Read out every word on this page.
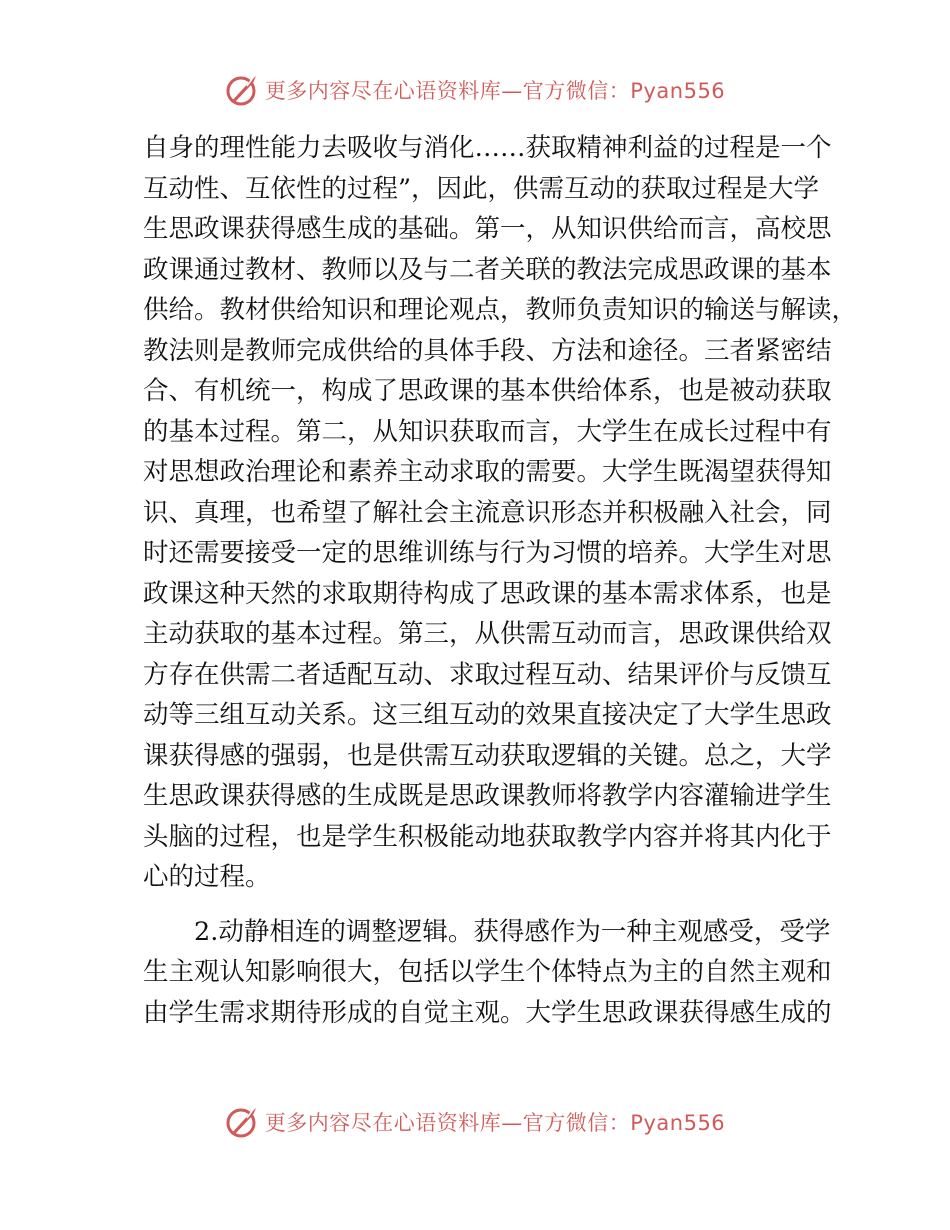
更多内容尽在心语资料库—官方微信：Pyan556
自身的理性能力去吸收与消化……获取精神利益的过程是一个
互动性、互依性的过程”，因此，供需互动的获取过程是大学
生思政课获得感生成的基础。第一，从知识供给而言，高校思
政课通过教材、教师以及与二者关联的教法完成思政课的基本
供给。教材供给知识和理论观点，教师负责知识的输送与解读，
教法则是教师完成供给的具体手段、方法和途径。三者紧密结
合、有机统一，构成了思政课的基本供给体系，也是被动获取
的基本过程。第二，从知识获取而言，大学生在成长过程中有
对思想政治理论和素养主动求取的需要。大学生既渴望获得知
识、真理，也希望了解社会主流意识形态并积极融入社会，同
时还需要接受一定的思维训练与行为习惯的培养。大学生对思
政课这种天然的求取期待构成了思政课的基本需求体系，也是
主动获取的基本过程。第三，从供需互动而言，思政课供给双
方存在供需二者适配互动、求取过程互动、结果评价与反馈互
动等三组互动关系。这三组互动的效果直接决定了大学生思政
课获得感的强弱，也是供需互动获取逻辑的关键。总之，大学
生思政课获得感的生成既是思政课教师将教学内容灌输进学生
头脑的过程，也是学生积极能动地获取教学内容并将其内化于
心的过程。
2.动静相连的调整逻辑。获得感作为一种主观感受，受学
生主观认知影响很大，包括以学生个体特点为主的自然主观和
由学生需求期待形成的自觉主观。大学生思政课获得感生成的
更多内容尽在心语资料库—官方微信：Pyan556
